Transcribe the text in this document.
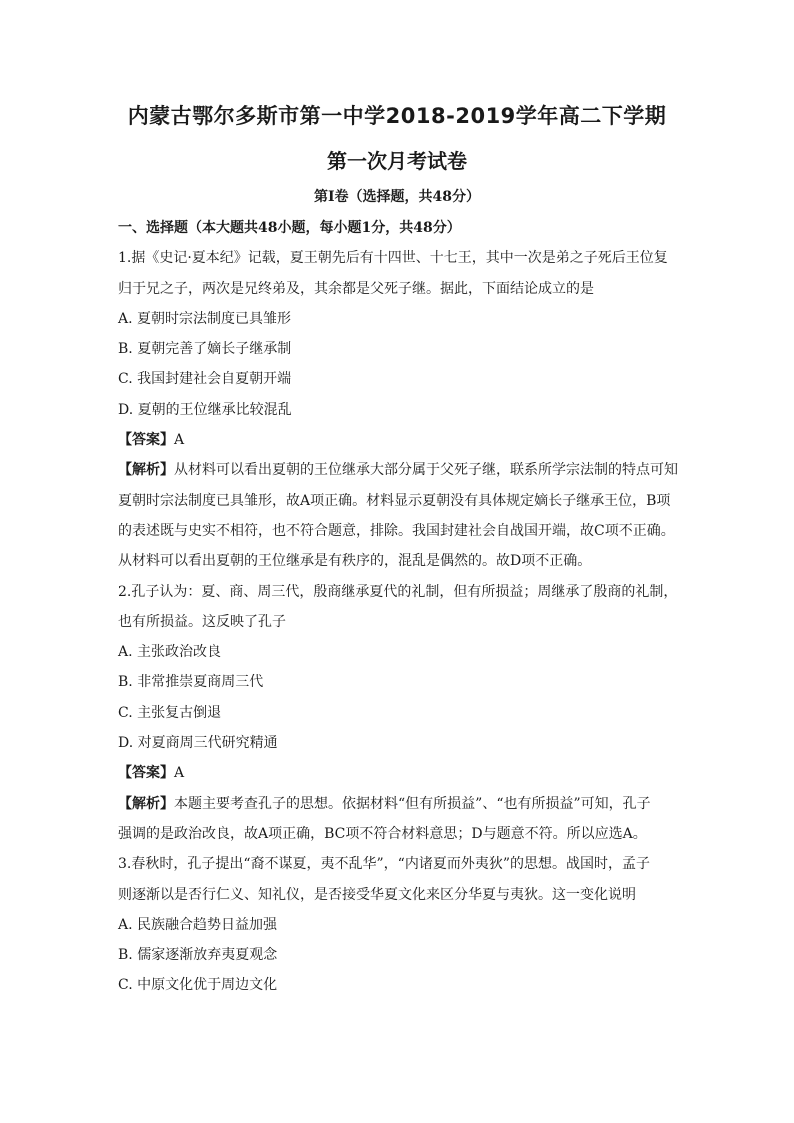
内蒙古鄂尔多斯市第一中学2018-2019学年高二下学期
第一次月考试卷
第Ⅰ卷（选择题，共48分）

一、选择题（本大题共48小题，每小题1分，共48分）

1.据《史记·夏本纪》记载，夏王朝先后有十四世、十七王，其中一次是弟之子死后王位复

归于兄之子，两次是兄终弟及，其余都是父死子继。据此，下面结论成立的是

A. 夏朝时宗法制度已具雏形

B. 夏朝完善了嫡长子继承制

C. 我国封建社会自夏朝开端

D. 夏朝的王位继承比较混乱

【答案】A

【解析】从材料可以看出夏朝的王位继承大部分属于父死子继，联系所学宗法制的特点可知

夏朝时宗法制度已具雏形，故A项正确。材料显示夏朝没有具体规定嫡长子继承王位，B项

的表述既与史实不相符，也不符合题意，排除。我国封建社会自战国开端，故C项不正确。

从材料可以看出夏朝的王位继承是有秩序的，混乱是偶然的。故D项不正确。

2.孔子认为：夏、商、周三代，殷商继承夏代的礼制，但有所损益；周继承了殷商的礼制，

也有所损益。这反映了孔子

A. 主张政治改良

B. 非常推崇夏商周三代

C. 主张复古倒退

D. 对夏商周三代研究精通

【答案】A

【解析】本题主要考查孔子的思想。依据材料“但有所损益”、“也有所损益”可知，孔子

强调的是政治改良，故A项正确，BC项不符合材料意思；D与题意不符。所以应选A。

3.春秋时，孔子提出“裔不谋夏，夷不乱华”，“内诸夏而外夷狄”的思想。战国时，孟子

则逐渐以是否行仁义、知礼仪，是否接受华夏文化来区分华夏与夷狄。这一变化说明

A. 民族融合趋势日益加强

B. 儒家逐渐放弃夷夏观念

C. 中原文化优于周边文化
